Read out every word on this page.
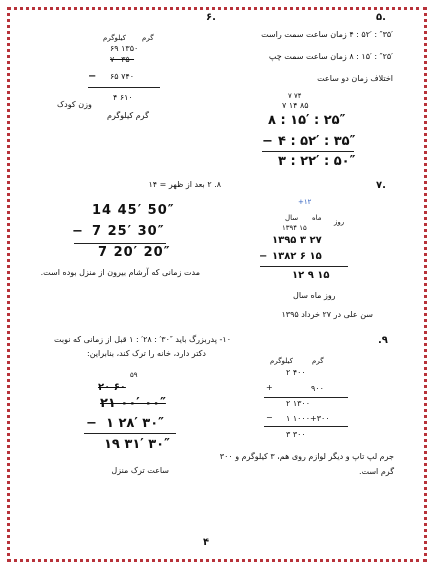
۶.
کیلوگرم گرم
۶۹ ۱۳۵۰
۷۰ ۳۵۰
− ۶۵ ۷۴۰
۴ ۶۱۰
گرم کیلوگرم
وزن کودک
۵.
″۳۵′ : ۵۲′ : ۴ زمان ساعت سمت راست
″۲۵′ : ۱۵′ : ۸ زمان ساعت سمت چپ
اختلاف زمان دو ساعت
۷ ۷۴
۷ ۱۴ ۸۵
۸ : ۱۵′ : ۲۵″
− ۴ : ۵۲′ : ۳۵″
۳ : ۲۲′ : ۵۰″
۸. ۲ بعد از ظهر = ۱۴
14 45′ 50″
− 7 25′ 30″
7 20′ 20″
مدت زمانی که آرشام بیرون از منزل بوده است.
۷.
+۱۲
سال ماه روز
۱۳۹۴ ۱۵
۱۳۹۵ ۳ ۲۷
− ۱۳۸۲ ۶ ۱۵
۱۲ ۹ ۱۵
روز ماه سال
سن علی در ۲۷ خرداد ۱۳۹۵
۱۰- پدربزرگ باید ″۳۰′ : ۲۸′ : ۱ قبل از زمانی که نوبت
دکتر دارد، خانه را ترک کند، بنابراین:
۵۹
۲۰ ۶۰
۲۱ ۰۰′ ۰۰″
− ۱ ۲۸′ ۳۰″
۱۹ ۳۱′ ۳۰″
ساعت ترک منزل
.۹
کیلوگرم	گرم
۲ ۴۰۰
+	۹۰۰
۲ ۱۳۰۰
− ۱ ۱۰۰۰+۳۰۰
۳ ۳۰۰
جرم لپ تاپ و دیگر لوازم روی هم، ۳ کیلوگرم و ۳۰۰
گرم است.
۴
